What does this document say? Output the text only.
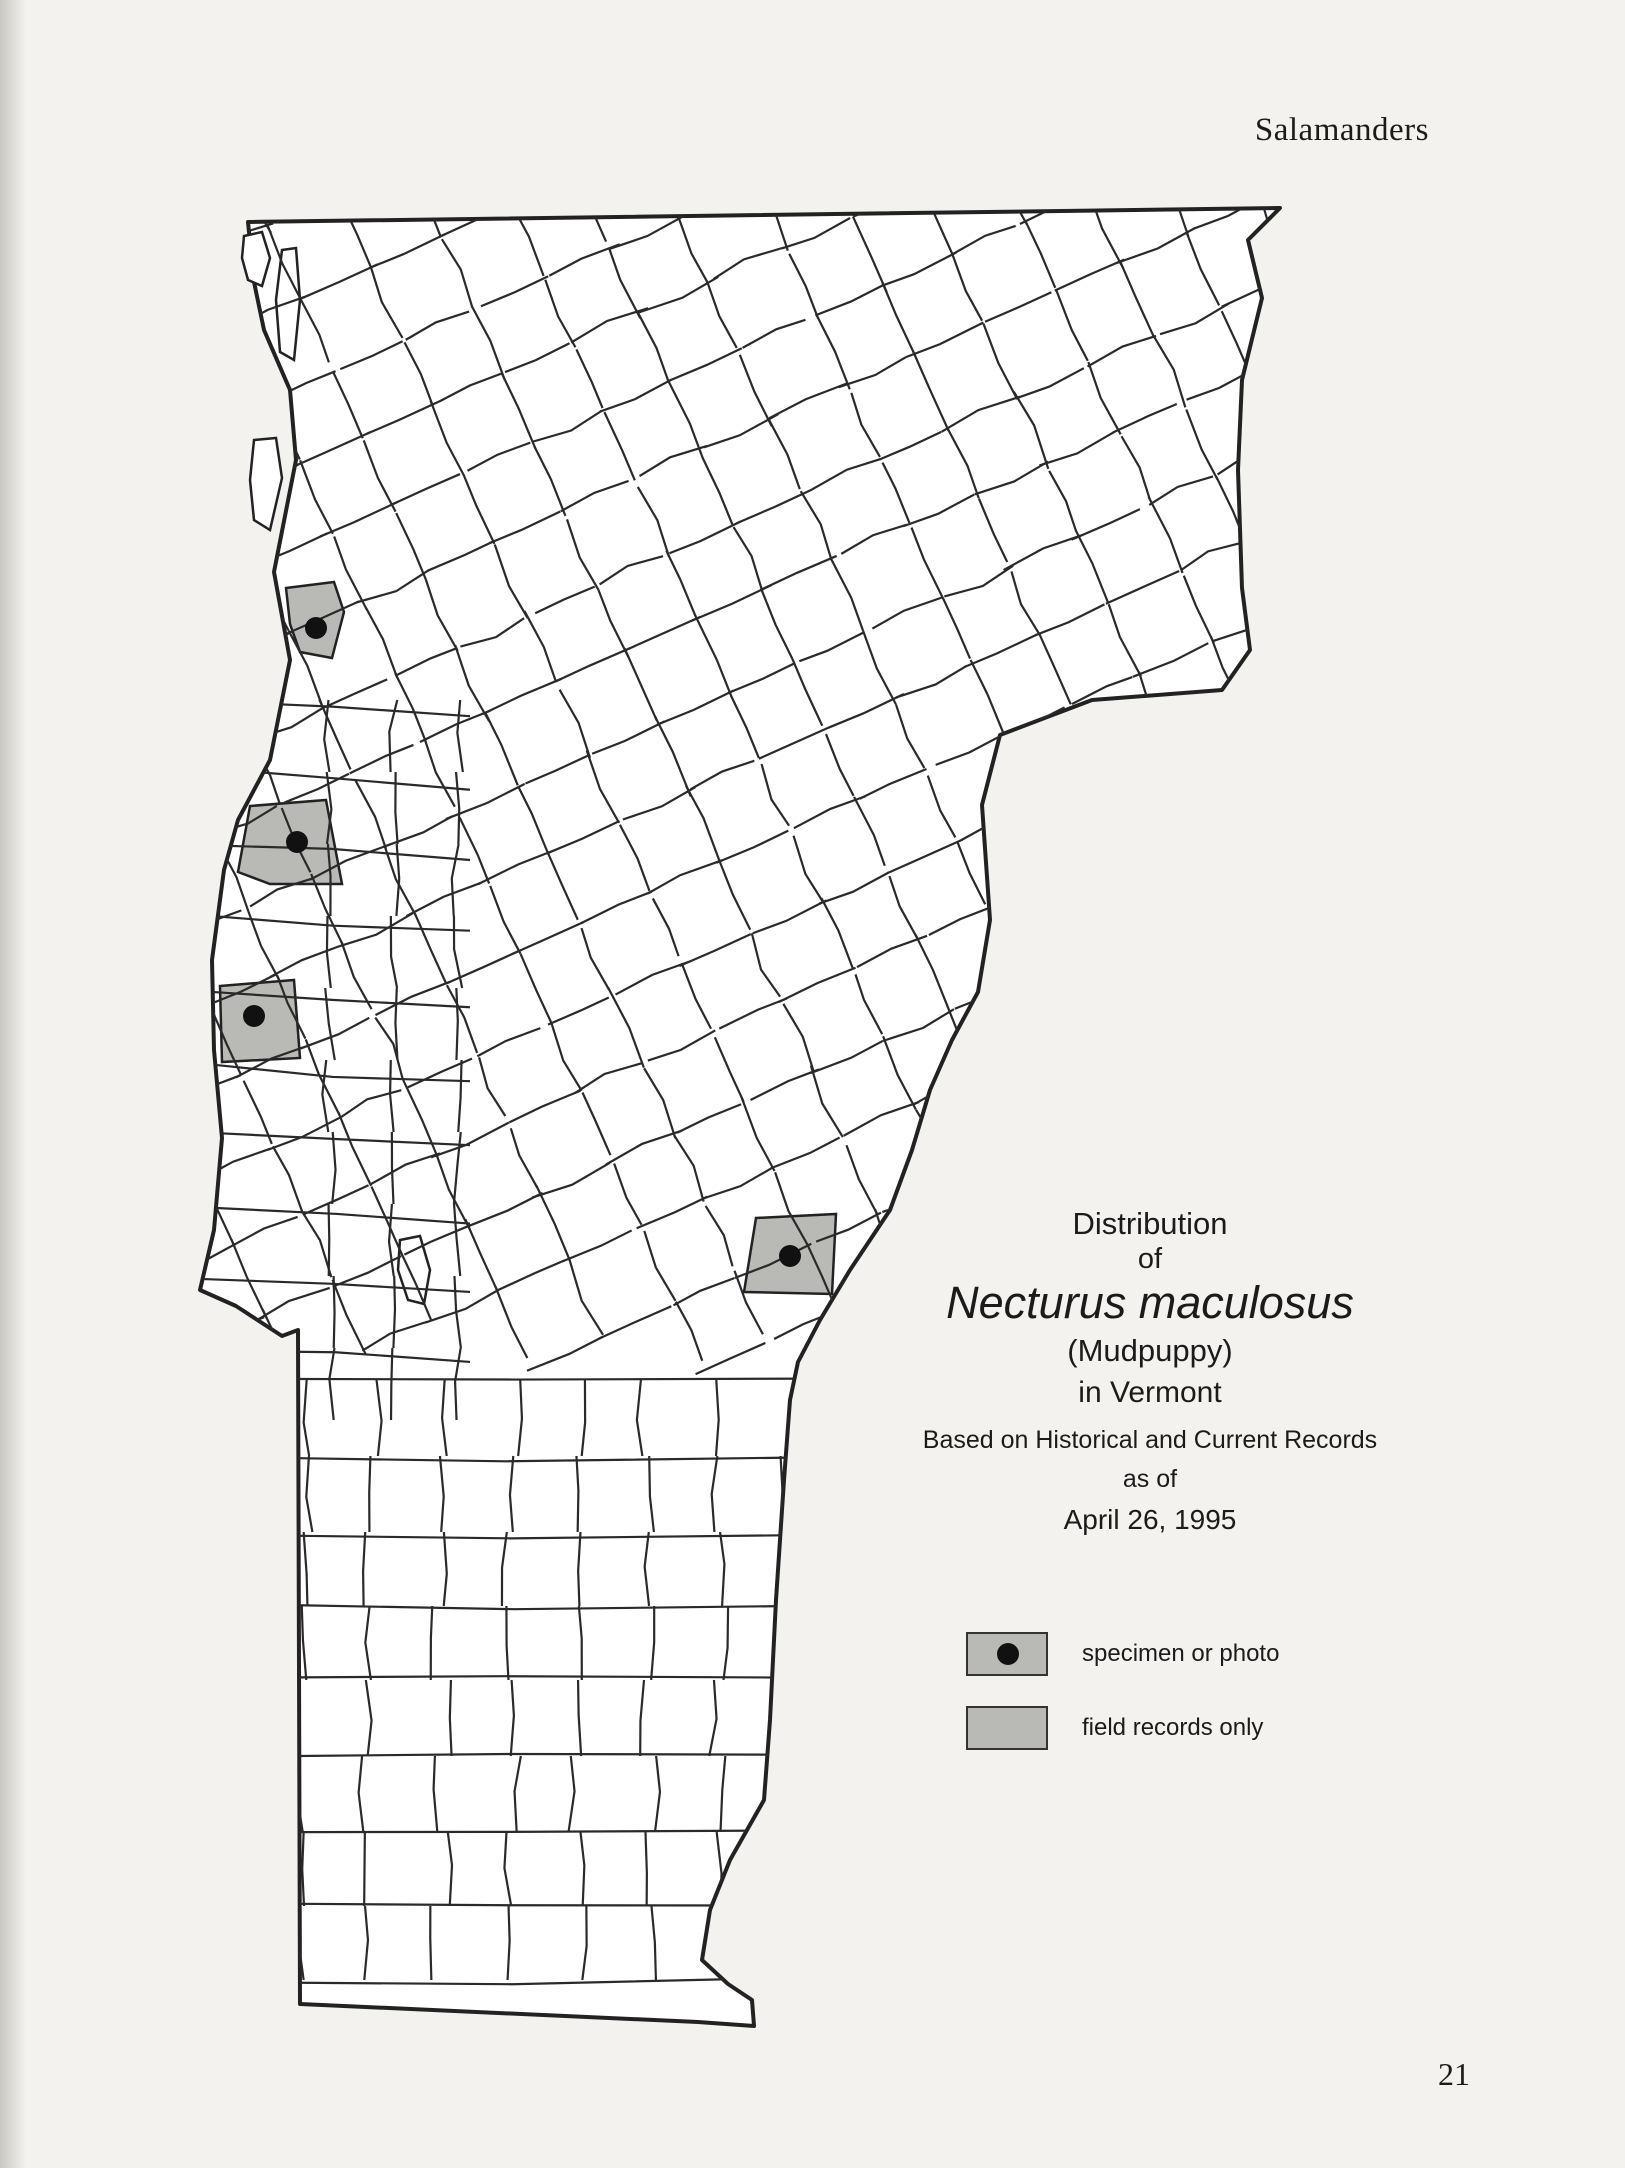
Salamanders
Distribution
of
Necturus maculosus
(Mudpuppy)
in Vermont
Based on Historical and Current Records
as of
April 26, 1995
specimen or photo
field records only
21
